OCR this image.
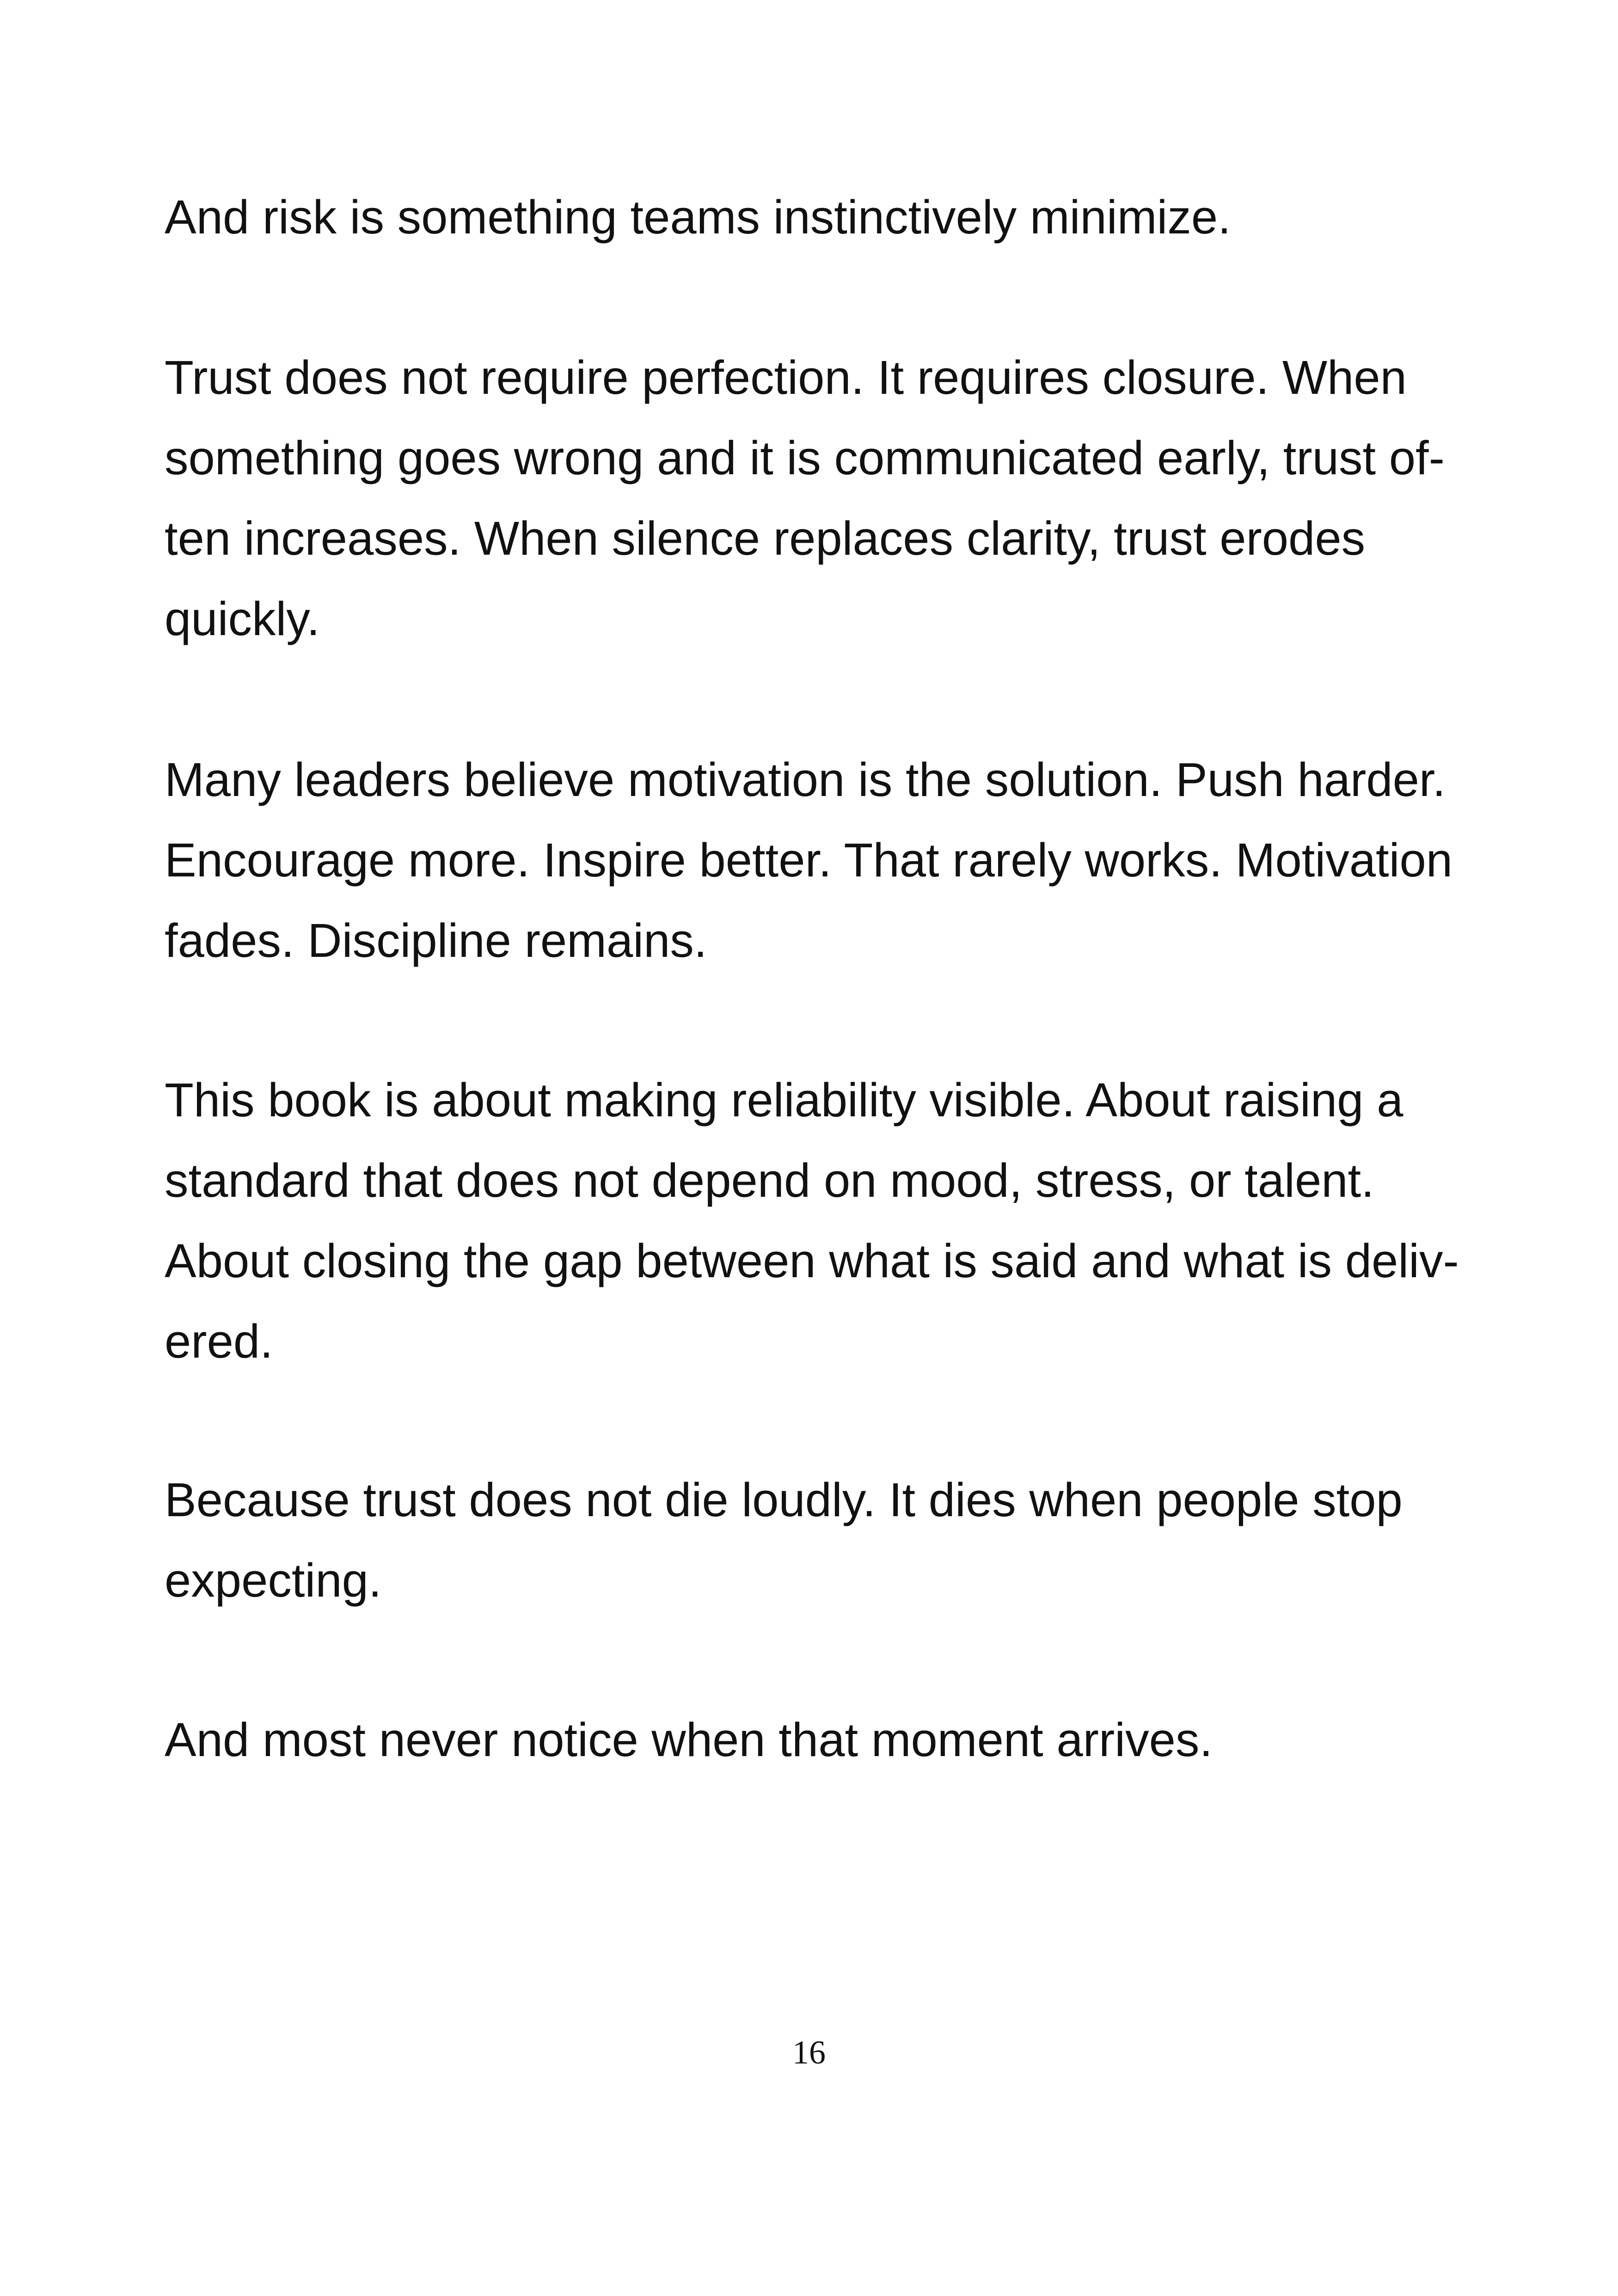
And risk is something teams instinctively minimize.

Trust does not require perfection. It requires closure. When
something goes wrong and it is communicated early, trust of-
ten increases. When silence replaces clarity, trust erodes
quickly.

Many leaders believe motivation is the solution. Push harder.
Encourage more. Inspire better. That rarely works. Motivation
fades. Discipline remains.

This book is about making reliability visible. About raising a
standard that does not depend on mood, stress, or talent.
About closing the gap between what is said and what is deliv-
ered.

Because trust does not die loudly. It dies when people stop
expecting.

And most never notice when that moment arrives.

16
